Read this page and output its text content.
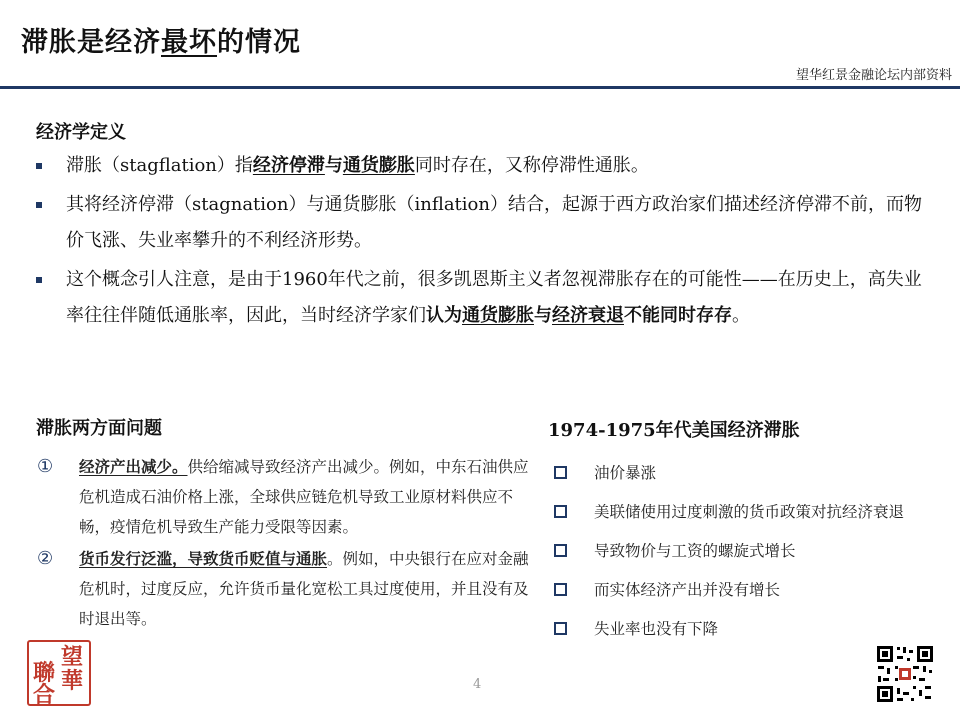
滞胀是经济最坏的情况
望华红景金融论坛内部资料
经济学定义
滞胀（stagflation）指经济停滞与通货膨胀同时存在，又称停滞性通胀。
其将经济停滞（stagnation）与通货膨胀（inflation）结合，起源于西方政治家们描述经济停滞不前，而物价飞涨、失业率攀升的不利经济形势。
这个概念引人注意，是由于1960年代之前，很多凯恩斯主义者忽视滞胀存在的可能性——在历史上，高失业率往往伴随低通胀率，因此，当时经济学家们认为通货膨胀与经济衰退不能同时存存。
滞胀两方面问题
① 经济产出减少。供给缩减导致经济产出减少。例如，中东石油供应危机造成石油价格上涨，全球供应链危机导致工业原材料供应不畅，疫情危机导致生产能力受限等因素。
② 货币发行泛滥，导致货币贬值与通胀。例如，中央银行在应对金融危机时，过度反应，允许货币量化宽松工具过度使用，并且没有及时退出等。
1974-1975年代美国经济滞胀
油价暴涨
美联储使用过度刺激的货币政策对抗经济衰退
导致物价与工资的螺旋式增长
而实体经济产出并没有增长
失业率也没有下降
4
聯
望
合
華
